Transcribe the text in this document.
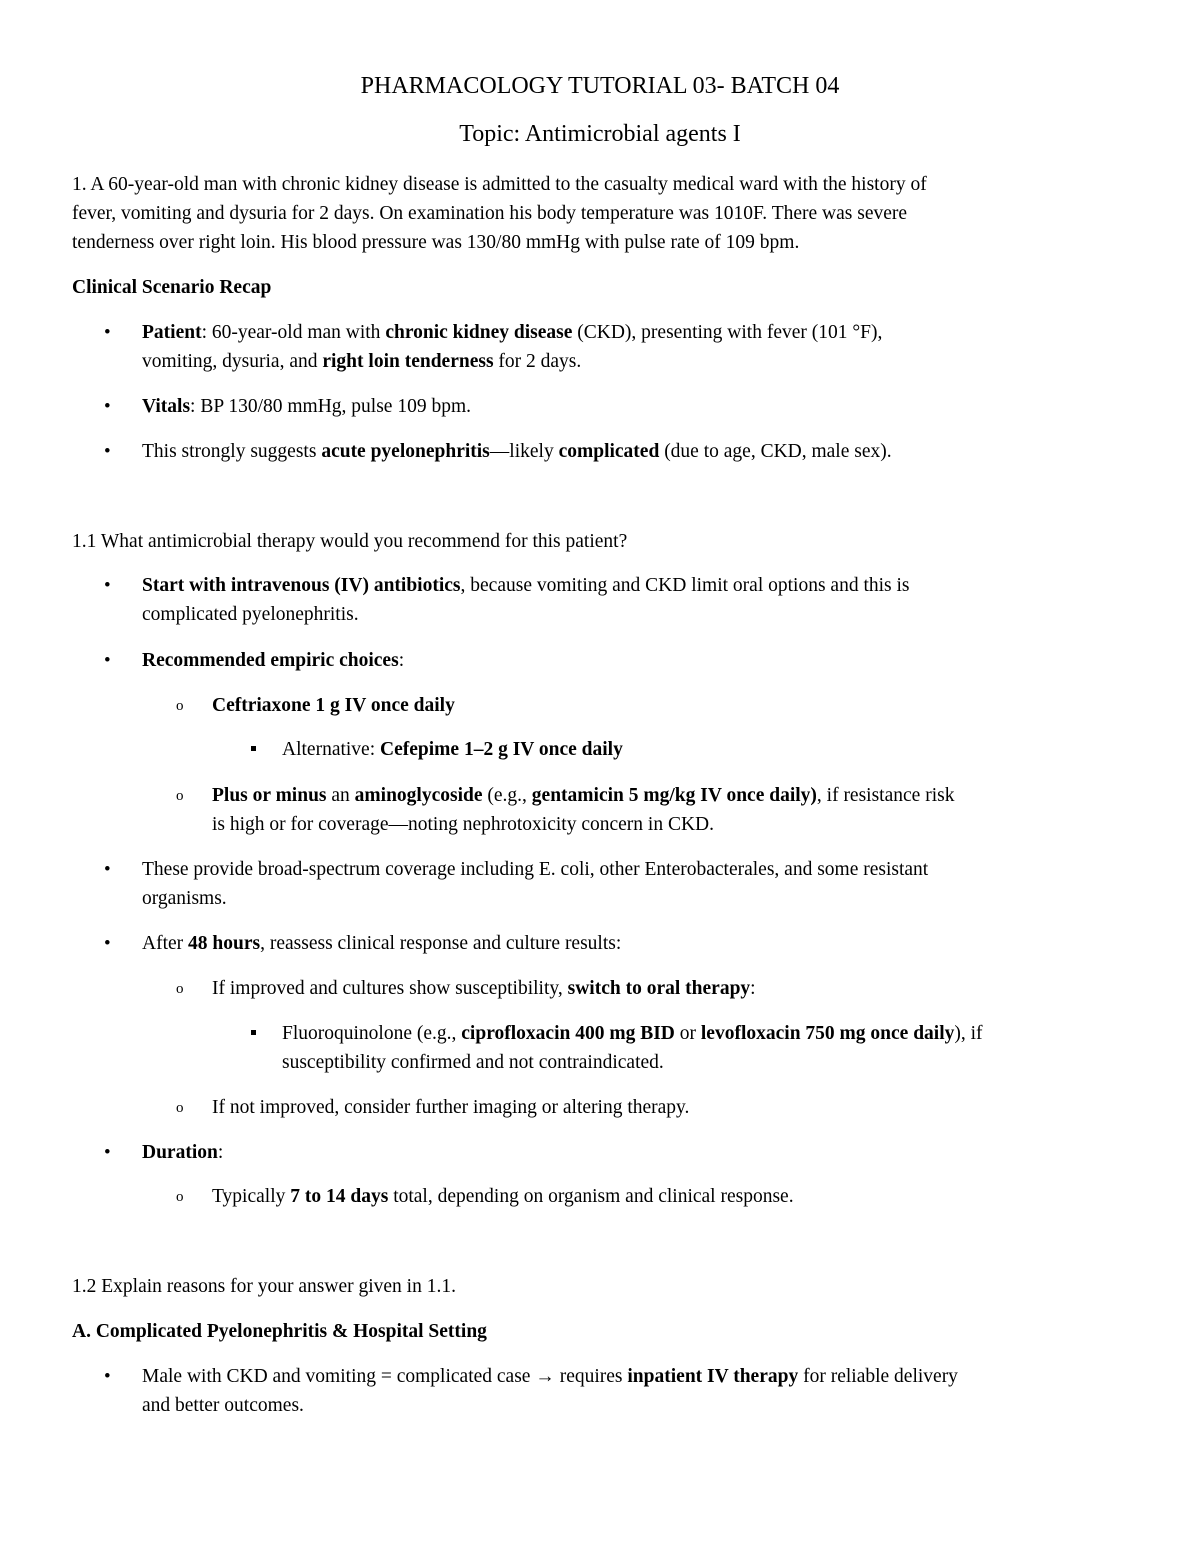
PHARMACOLOGY TUTORIAL 03- BATCH 04
Topic: Antimicrobial agents I
1. A 60-year-old man with chronic kidney disease is admitted to the casualty medical ward with the history of
fever, vomiting and dysuria for 2 days. On examination his body temperature was 1010F. There was severe
tenderness over right loin. His blood pressure was 130/80 mmHg with pulse rate of 109 bpm.
Clinical Scenario Recap
• Patient: 60-year-old man with chronic kidney disease (CKD), presenting with fever (101 °F),
vomiting, dysuria, and right loin tenderness for 2 days.
• Vitals: BP 130/80 mmHg, pulse 109 bpm.
• This strongly suggests acute pyelonephritis—likely complicated (due to age, CKD, male sex).
1.1 What antimicrobial therapy would you recommend for this patient?
• Start with intravenous (IV) antibiotics, because vomiting and CKD limit oral options and this is
complicated pyelonephritis.
• Recommended empiric choices:
o Ceftriaxone 1 g IV once daily
Alternative: Cefepime 1–2 g IV once daily
o Plus or minus an aminoglycoside (e.g., gentamicin 5 mg/kg IV once daily), if resistance risk
is high or for coverage—noting nephrotoxicity concern in CKD.
• These provide broad-spectrum coverage including E. coli, other Enterobacterales, and some resistant
organisms.
• After 48 hours, reassess clinical response and culture results:
o If improved and cultures show susceptibility, switch to oral therapy:
Fluoroquinolone (e.g., ciprofloxacin 400 mg BID or levofloxacin 750 mg once daily), if
susceptibility confirmed and not contraindicated.
o If not improved, consider further imaging or altering therapy.
• Duration:
o Typically 7 to 14 days total, depending on organism and clinical response.
1.2 Explain reasons for your answer given in 1.1.
A. Complicated Pyelonephritis & Hospital Setting
• Male with CKD and vomiting = complicated case → requires inpatient IV therapy for reliable delivery
and better outcomes.
